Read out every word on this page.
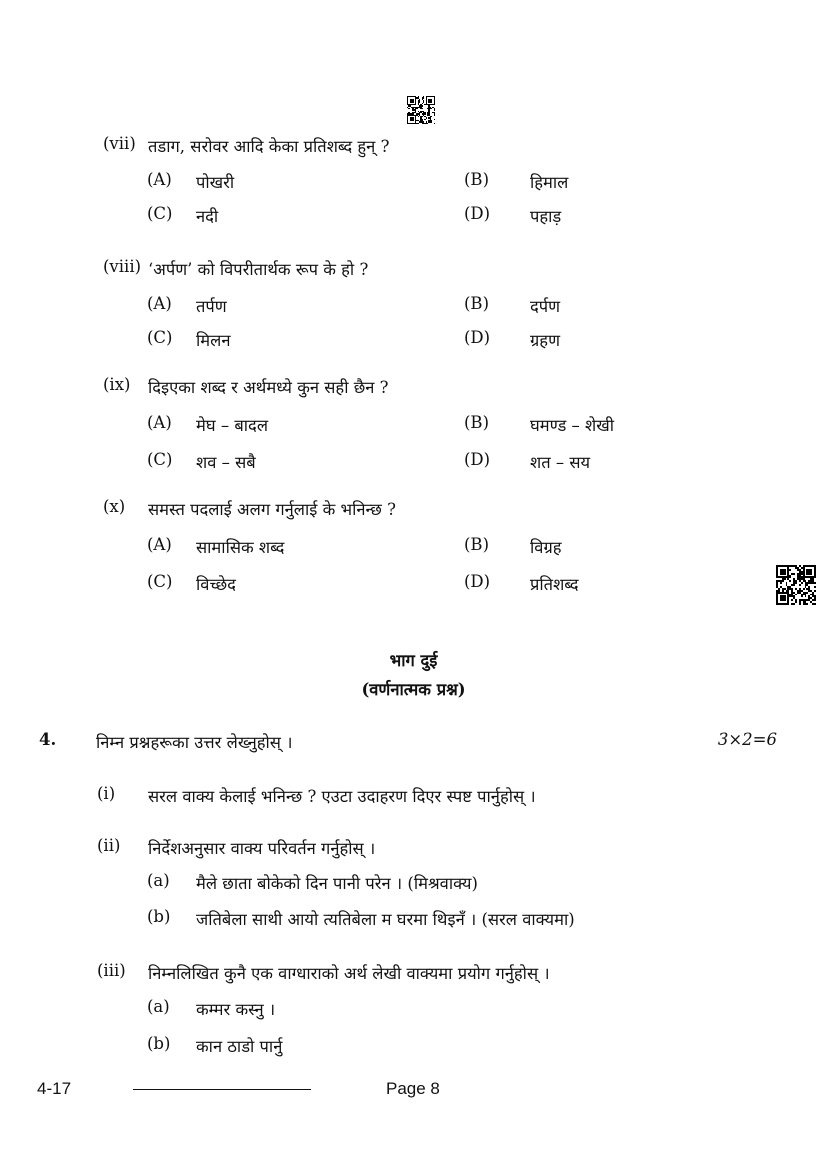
(vii) तडाग, सरोवर आदि केका प्रतिशब्द हुन् ?
(A) पोखरी	(B) हिमाल
(C) नदी	(D) पहाड़
(viii) ‘अर्पण’ को विपरीतार्थक रूप के हो ?
(A) तर्पण	(B) दर्पण
(C) मिलन	(D) ग्रहण
(ix) दिइएका शब्द र अर्थमध्ये कुन सही छैन ?
(A) मेघ – बादल	(B) घमण्ड – शेखी
(C) शव – सबै	(D) शत – सय
(x) समस्त पदलाई अलग गर्नुलाई के भनिन्छ ?
(A) सामासिक शब्द	(B) विग्रह
(C) विच्छेद	(D) प्रतिशब्द
भाग दुई
(वर्णनात्मक प्रश्न)
4. निम्न प्रश्नहरूका उत्तर लेख्नुहोस् ।	3×2=6
(i) सरल वाक्य केलाई भनिन्छ ? एउटा उदाहरण दिएर स्पष्ट पार्नुहोस् ।
(ii) निर्देशअनुसार वाक्य परिवर्तन गर्नुहोस् ।
(a) मैले छाता बोकेको दिन पानी परेन । (मिश्रवाक्य)
(b) जतिबेला साथी आयो त्यतिबेला म घरमा थिइनँ । (सरल वाक्यमा)
(iii) निम्नलिखित कुनै एक वाग्धाराको अर्थ लेखी वाक्यमा प्रयोग गर्नुहोस् ।
(a) कम्मर कस्नु ।
(b) कान ठाडो पार्नु
4-17	Page 8
